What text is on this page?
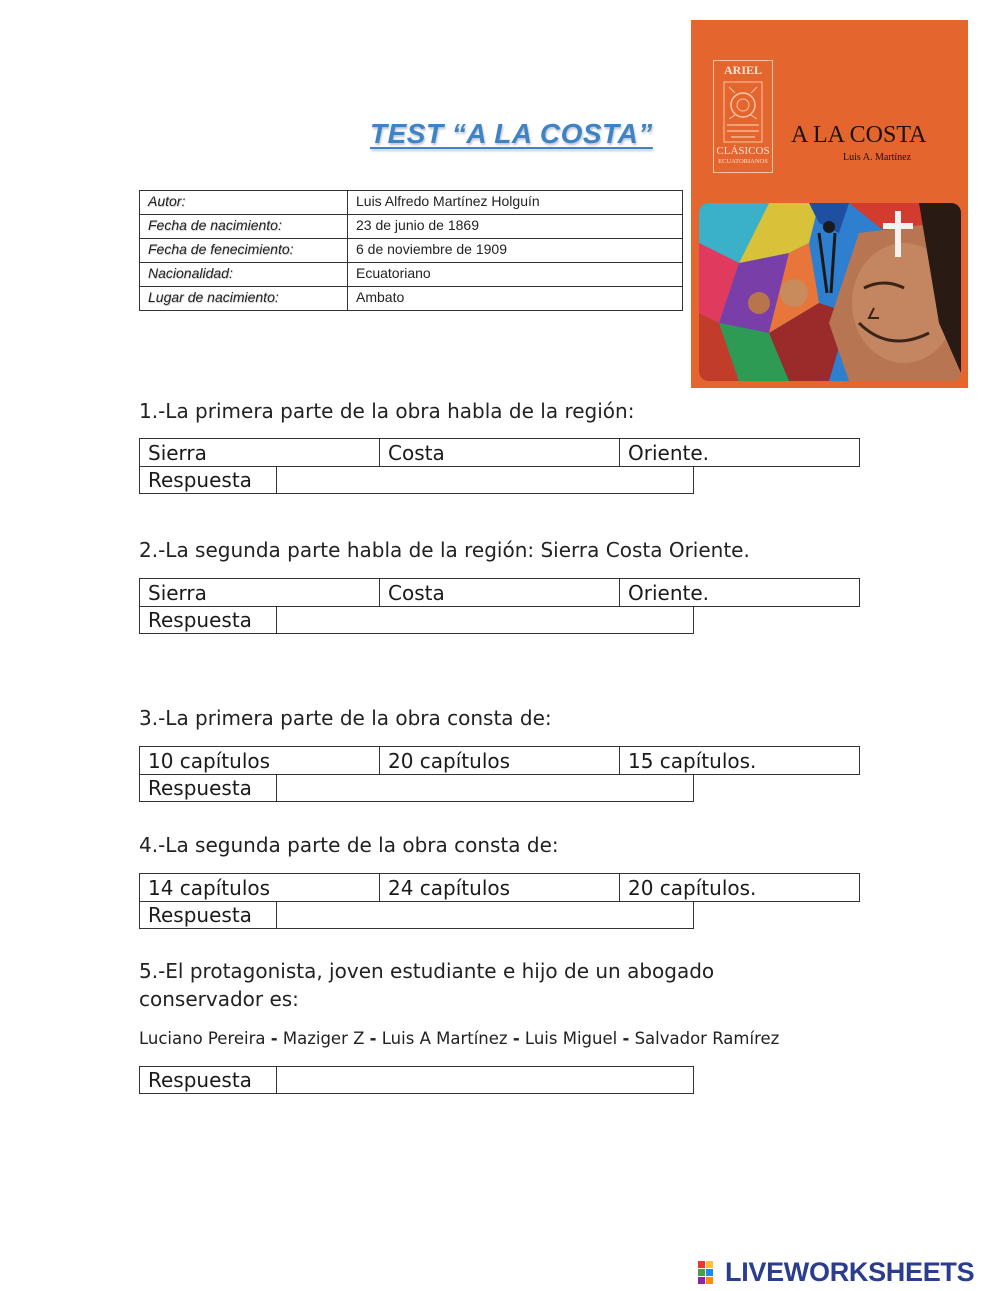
TEST “A LA COSTA”
Autor:	Luis Alfredo Martínez Holguín
Fecha de nacimiento:	23 de junio de 1869
Fecha de fenecimiento:	6 de noviembre de 1909
Nacionalidad:	Ecuatoriano
Lugar de nacimiento:	Ambato
ARIEL
CLÁSICOS
ECUATORIANOS
A LA COSTA
Luis A. Martínez
1.-La primera parte de la obra habla de la región:
Sierra	Costa	Oriente.
Respuesta
2.-La segunda parte habla de la región: Sierra Costa Oriente.
Sierra	Costa	Oriente.
Respuesta
3.-La primera parte de la obra consta de:
10 capítulos	20 capítulos	15 capítulos.
Respuesta
4.-La segunda parte de la obra consta de:
14 capítulos	24 capítulos	20 capítulos.
Respuesta
5.-El protagonista, joven estudiante e hijo de un abogado
conservador es:
Luciano Pereira - Maziger Z - Luis A Martínez - Luis Miguel - Salvador Ramírez
Respuesta
LIVEWORKSHEETS
